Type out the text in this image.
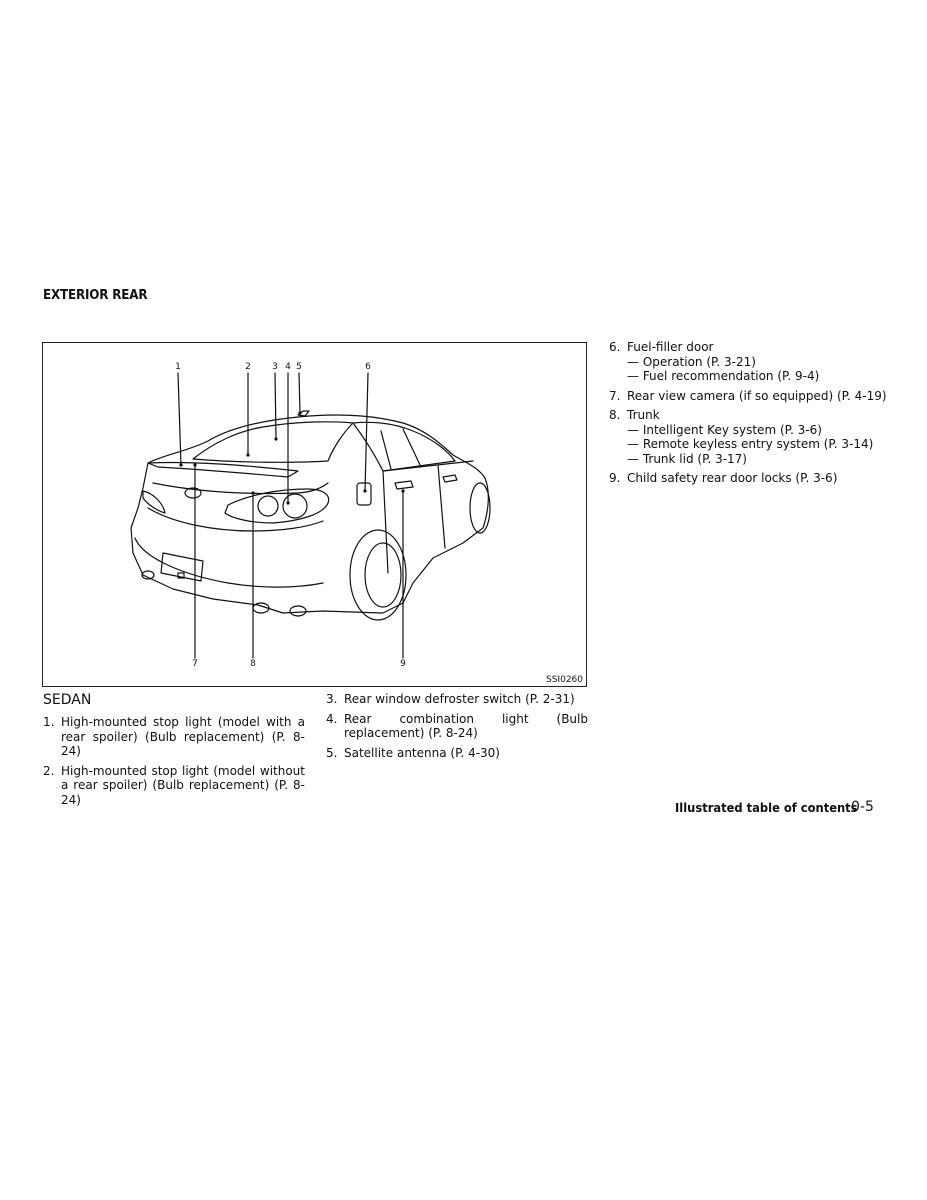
EXTERIOR REAR
1	2	3 4 5	6
7	8	9
SSI0260
SEDAN
1. High-mounted stop light (model with a rear spoiler) (Bulb replacement) (P. 8-24)
2. High-mounted stop light (model without a rear spoiler) (Bulb replacement) (P. 8-24)
3. Rear window defroster switch (P. 2-31)
4. Rear combination light (Bulb replacement) (P. 8-24)
5. Satellite antenna (P. 4-30)
6. Fuel-filler door
— Operation (P. 3-21)
— Fuel recommendation (P. 9-4)
7. Rear view camera (if so equipped) (P. 4-19)
8. Trunk
— Intelligent Key system (P. 3-6)
— Remote keyless entry system (P. 3-14)
— Trunk lid (P. 3-17)
9. Child safety rear door locks (P. 3-6)
Illustrated table of contents
0-5
